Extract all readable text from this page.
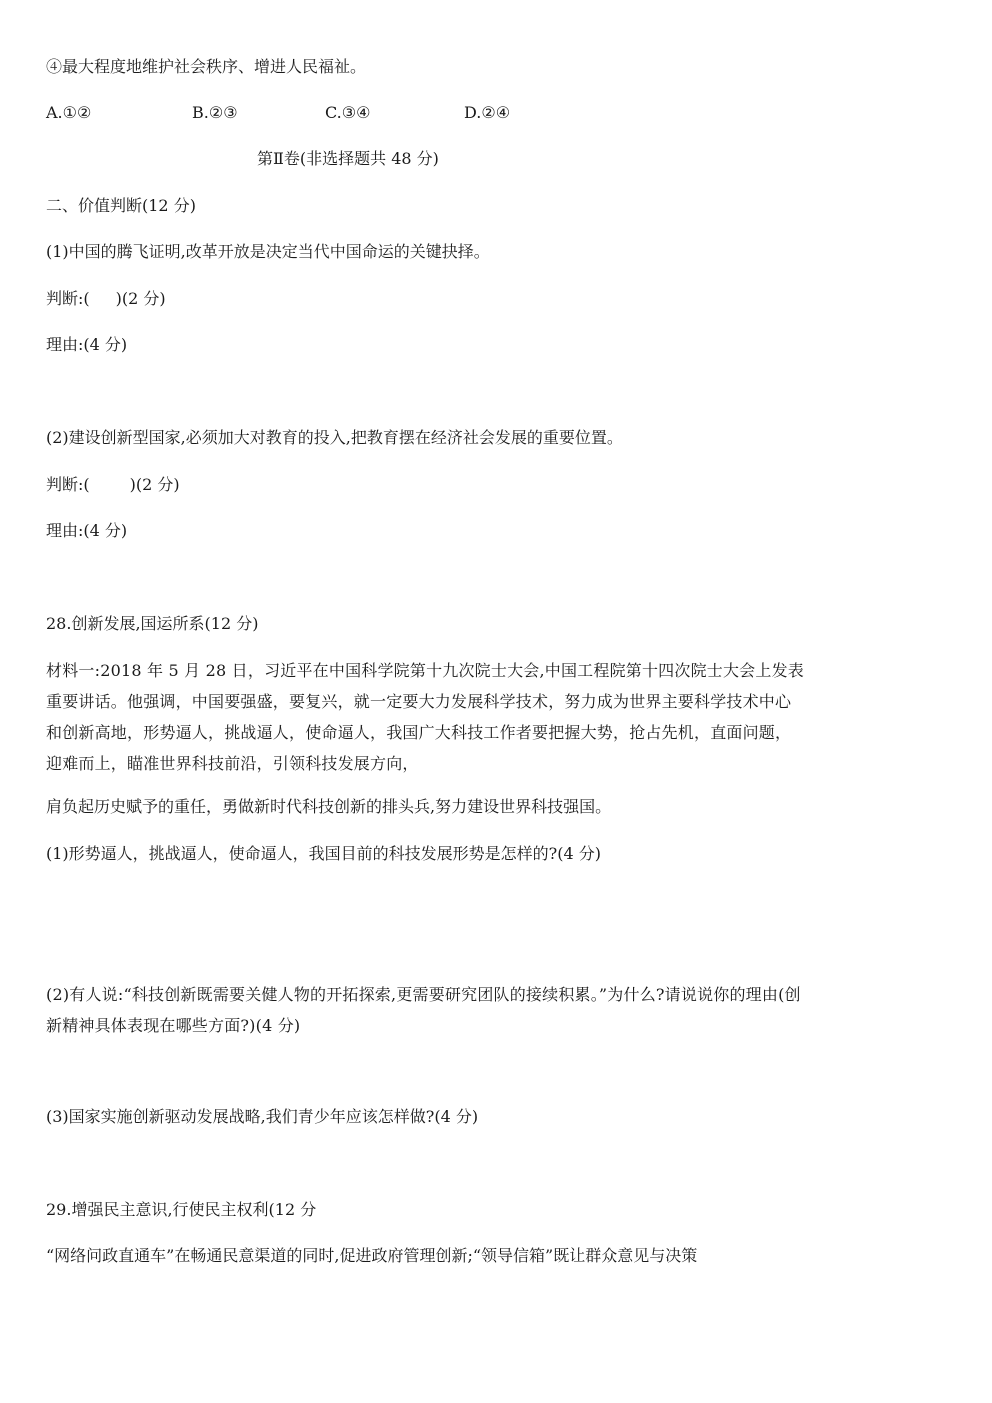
④最大程度地维护社会秩序、增进人民福祉。
A.①②	B.②③	C.③④	D.②④
第Ⅱ卷(非选择题共 48 分)
二、价值判断(12 分)
(1)中国的腾飞证明,改革开放是决定当代中国命运的关键抉择。
判断:( )(2 分)
理由:(4 分)
(2)建设创新型国家,必须加大对教育的投入,把教育摆在经济社会发展的重要位置。
判断:(	)(2 分)
理由:(4 分)
28.创新发展,国运所系(12 分)
材料一:2018 年 5 月 28 日，习近平在中国科学院第十九次院士大会,中国工程院第十四次院士大会上发表重要讲话。他强调，中国要强盛，要复兴，就一定要大力发展科学技术，努力成为世界主要科学技术中心和创新高地，形势逼人，挑战逼人，使命逼人，我国广大科技工作者要把握大势，抢占先机，直面问题，迎难而上，瞄准世界科技前沿，引领科技发展方向，
肩负起历史赋予的重任，勇做新时代科技创新的排头兵,努力建设世界科技强国。
(1)形势逼人，挑战逼人，使命逼人，我国目前的科技发展形势是怎样的?(4 分)
(2)有人说:“科技创新既需要关健人物的开拓探索,更需要研究团队的接续积累。”为什么?请说说你的理由(创新精神具体表现在哪些方面?)(4 分)
(3)国家实施创新驱动发展战略,我们青少年应该怎样做?(4 分)
29.增强民主意识,行使民主权利(12 分
“网络问政直通车”在畅通民意渠道的同时,促进政府管理创新;“领导信箱”既让群众意见与决策
